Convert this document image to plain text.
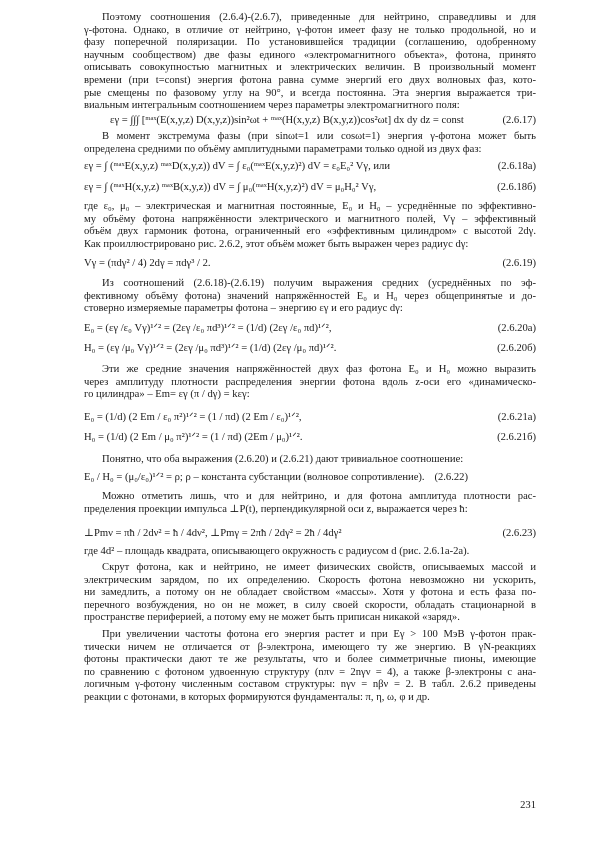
Поэтому соотношения (2.6.4)-(2.6.7), приведенные для нейтрино, справедливы и для
γ-фотона. Однако, в отличие от нейтрино, γ-фотон имеет фазу не только продольной, но и
фазу поперечной поляризации. По установившейся традиции (соглашению, одобренному
научным сообществом) две фазы единого «электромагнитного объекта», фотона, принято
описывать совокупностью магнитных и электрических величин. В произвольный момент
времени (при t=const) энергия фотона равна сумме энергий его двух волновых фаз, кото-
рые смещены по фазовому углу на 90°, и всегда постоянна. Эта энергия выражается три-
виальным интегральным соотношением через параметры электромагнитного поля:
εγ = ∫∫∫ [ᵐᵃˣ(E(x,y,z) D(x,y,z))sin²ωt + ᵐᵃˣ(H(x,y,z) B(x,y,z))cos²ωt] dx dy dz = const	(2.6.17)
В момент экстремума фазы (при sinωt=1 или cosωt=1) энергия γ-фотона может быть
определена средними по объёму амплитудными параметрами только одной из двух фаз:
εγ = ∫ (ᵐᵃˣE(x,y,z) ᵐᵃˣD(x,y,z)) dV = ∫ ε₀(ᵐᵃˣE(x,y,z)²) dV = ε₀E₀² Vγ, или	(2.6.18а)
εγ = ∫ (ᵐᵃˣH(x,y,z) ᵐᵃˣB(x,y,z)) dV = ∫ μ₀(ᵐᵃˣH(x,y,z)²) dV = μ₀H₀² Vγ,	(2.6.18б)
где ε₀, μ₀ – электрическая и магнитная постоянные, E₀ и H₀ – усреднённые по эффективно-
му объёму фотона напряжённости электрического и магнитного полей, Vγ – эффективный
объём двух гармоник фотона, ограниченный его «эффективным цилиндром» с высотой 2dγ.
Как проиллюстрировано рис. 2.6.2, этот объём может быть выражен через радиус dγ:
Vγ = (πdγ² / 4) 2dγ = πdγ³ / 2.	(2.6.19)
Из соотношений (2.6.18)-(2.6.19) получим выражения средних (усреднённых по эф-
фективному объёму фотона) значений напряжённостей E₀ и H₀ через общепринятые и до-
стоверно измеряемые параметры фотона – энергию εγ и его радиус dγ:
E₀ = (εγ /ε₀ Vγ)¹ᐟ² = (2εγ /ε₀ πd³)¹ᐟ² = (1/d) (2εγ /ε₀ πd)¹ᐟ²,	(2.6.20а)
H₀ = (εγ /μ₀ Vγ)¹ᐟ² = (2εγ /μ₀ πd³)¹ᐟ² = (1/d) (2εγ /μ₀ πd)¹ᐟ².	(2.6.20б)
Эти же средние значения напряжённостей двух фаз фотона E₀ и H₀ можно выразить
через амплитуду плотности распределения энергии фотона вдоль z-оси его «динамическо-
го цилиндра» – Em= εγ (π / dγ) = kεγ:
E₀ = (1/d) (2 Em / ε₀ π²)¹ᐟ² = (1 / πd) (2 Em / ε₀)¹ᐟ²,	(2.6.21а)
H₀ = (1/d) (2 Em / μ₀ π²)¹ᐟ² = (1 / πd) (2Em / μ₀)¹ᐟ².	(2.6.21б)
Понятно, что оба выражения (2.6.20) и (2.6.21) дают тривиальное соотношение:
E₀ / H₀ = (μ₀/ε₀)¹ᐟ² = ρ; ρ – константа субстанции (волновое сопротивление). (2.6.22)
Можно отметить лишь, что и для нейтрино, и для фотона амплитуда плотности рас-
пределения проекции импульса ⊥P(t), перпендикулярной оси z, выражается через ħ:
⊥Pmν = πħ / 2dν² = ħ / 4dν², ⊥Pmγ = 2πħ / 2dγ² = 2ħ / 4dγ²	(2.6.23)
где 4d² – площадь квадрата, описывающего окружность с радиусом d (рис. 2.6.1а-2а).
Скрут фотона, как и нейтрино, не имеет физических свойств, описываемых массой и
электрическим зарядом, по их определению. Скорость фотона невозможно ни ускорить,
ни замедлить, а потому он не обладает свойством «массы». Хотя у фотона и есть фаза по-
перечного возбуждения, но он не может, в силу своей скорости, обладать стационарной в
пространстве периферией, а потому ему не может быть приписан никакой «заряд».
При увеличении частоты фотона его энергия растет и при Eγ > 100 МэВ γ-фотон прак-
тически ничем не отличается от β-электрона, имеющего ту же энергию. В γN-реакциях
фотоны практически дают те же результаты, что и более симметричные пионы, имеющие
по сравнению с фотоном удвоенную структуру (nπν = 2nγν = 4), а также β-электроны с ана-
логичным γ-фотону численным составом структуры: nγν = nβν = 2. В табл. 2.6.2 приведены
реакции с фотонами, в которых формируются фундаменталы: π, η, ω, φ и др.
231
